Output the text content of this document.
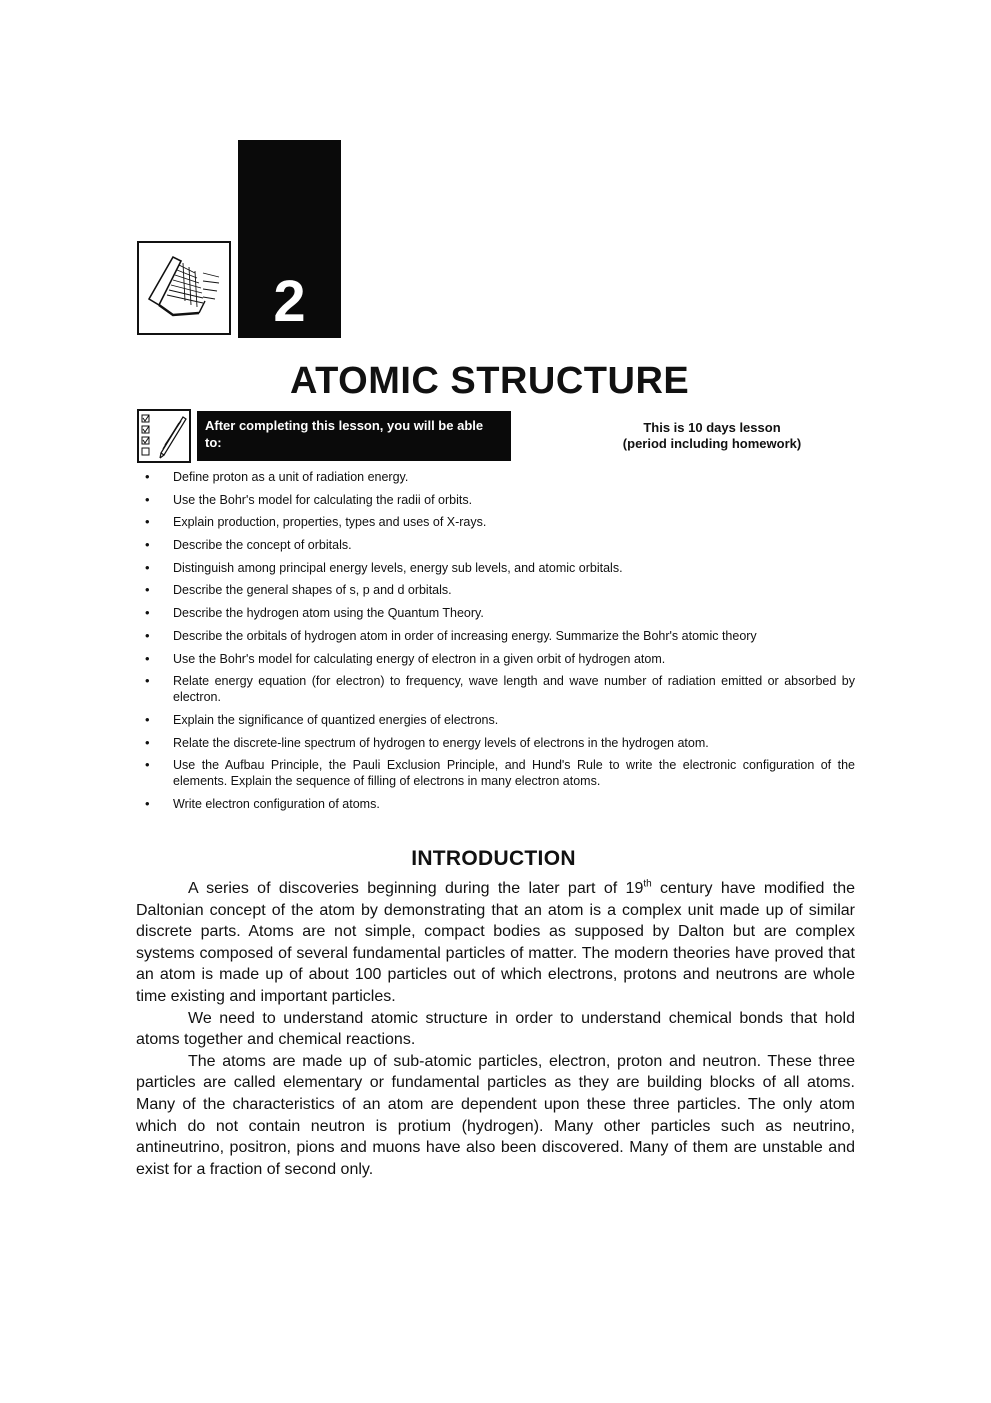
2
ATOMIC STRUCTURE
After completing this lesson, you will be able to:
This is 10 days lesson
(period including homework)
• Define proton as a unit of radiation energy.
• Use the Bohr's model for calculating the radii of orbits.
• Explain production, properties, types and uses of X-rays.
• Describe the concept of orbitals.
• Distinguish among principal energy levels, energy sub levels, and atomic orbitals.
• Describe the general shapes of s, p and d orbitals.
• Describe the hydrogen atom using the Quantum Theory.
• Describe the orbitals of hydrogen atom in order of increasing energy. Summarize the Bohr's atomic theory
• Use the Bohr's model for calculating energy of electron in a given orbit of hydrogen atom.
• Relate energy equation (for electron) to frequency, wave length and wave number of radiation emitted or absorbed by electron.
• Explain the significance of quantized energies of electrons.
• Relate the discrete-line spectrum of hydrogen to energy levels of electrons in the hydrogen atom.
• Use the Aufbau Principle, the Pauli Exclusion Principle, and Hund's Rule to write the electronic configuration of the elements. Explain the sequence of filling of electrons in many electron atoms.
• Write electron configuration of atoms.
INTRODUCTION

A series of discoveries beginning during the later part of 19th century have modified the Daltonian concept of the atom by demonstrating that an atom is a complex unit made up of similar discrete parts. Atoms are not simple, compact bodies as supposed by Dalton but are complex systems composed of several fundamental particles of matter. The modern theories have proved that an atom is made up of about 100 particles out of which electrons, protons and neutrons are whole time existing and important particles.

We need to understand atomic structure in order to understand chemical bonds that hold atoms together and chemical reactions.

The atoms are made up of sub-atomic particles, electron, proton and neutron. These three particles are called elementary or fundamental particles as they are building blocks of all atoms. Many of the characteristics of an atom are dependent upon these three particles. The only atom which do not contain neutron is protium (hydrogen). Many other particles such as neutrino, antineutrino, positron, pions and muons have also been discovered. Many of them are unstable and exist for a fraction of second only.
